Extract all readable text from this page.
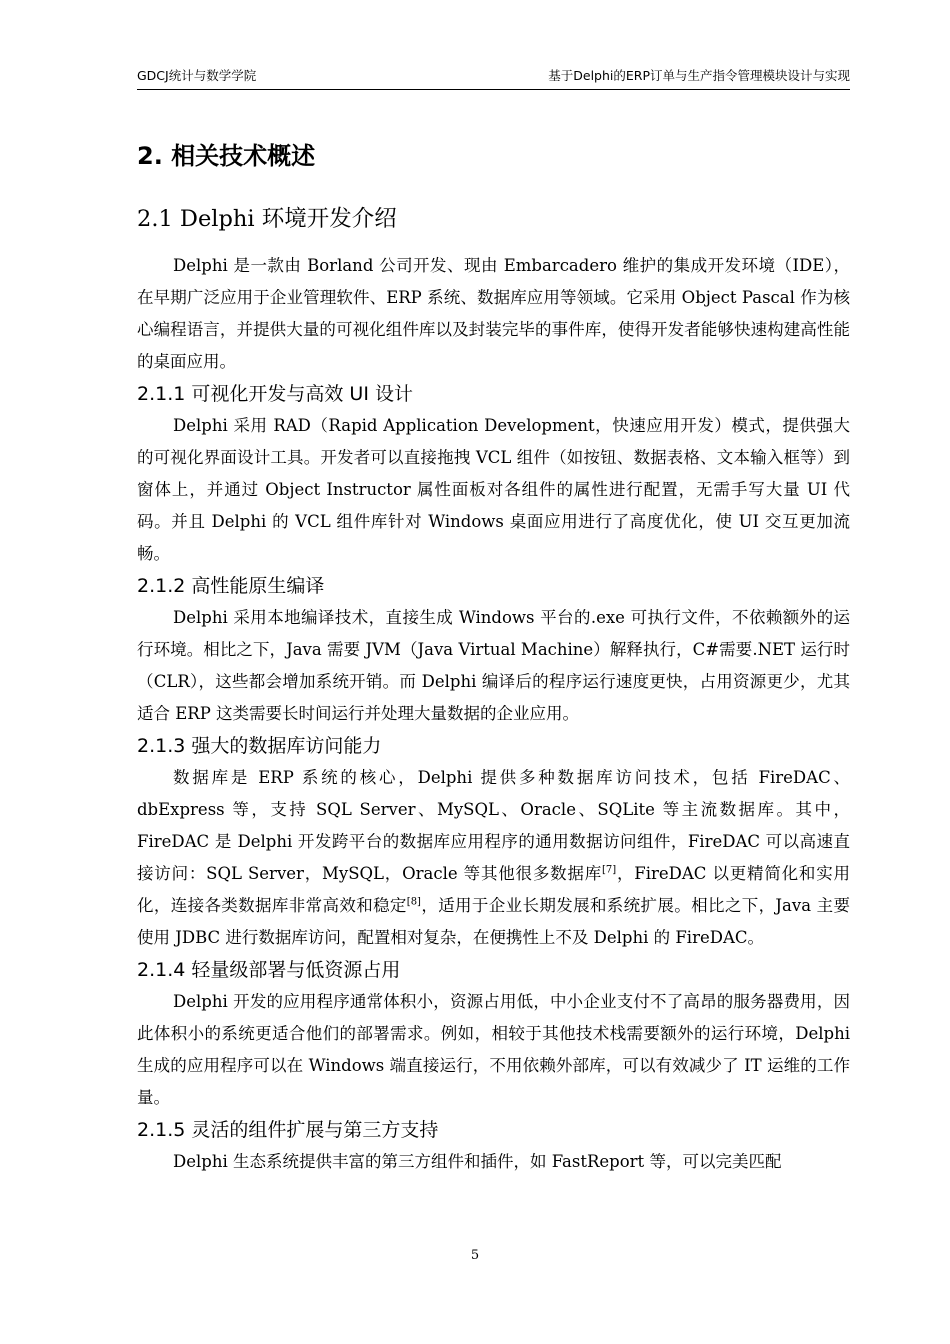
GDCJ统计与数学学院	基于Delphi的ERP订单与生产指令管理模块设计与实现
2. 相关技术概述
2.1 Delphi 环境开发介绍

Delphi 是一款由 Borland 公司开发、现由 Embarcadero 维护的集成开发环境（IDE），在早期广泛应用于企业管理软件、ERP 系统、数据库应用等领域。它采用 Object Pascal 作为核心编程语言，并提供大量的可视化组件库以及封装完毕的事件库，使得开发者能够快速构建高性能的桌面应用。

2.1.1 可视化开发与高效 UI 设计

Delphi 采用 RAD（Rapid Application Development，快速应用开发）模式，提供强大的可视化界面设计工具。开发者可以直接拖拽 VCL 组件（如按钮、数据表格、文本输入框等）到窗体上，并通过 Object Instructor 属性面板对各组件的属性进行配置，无需手写大量 UI 代码。并且 Delphi 的 VCL 组件库针对 Windows 桌面应用进行了高度优化，使 UI 交互更加流畅。

2.1.2 高性能原生编译

Delphi 采用本地编译技术，直接生成 Windows 平台的.exe 可执行文件，不依赖额外的运行环境。相比之下，Java 需要 JVM（Java Virtual Machine）解释执行，C#需要.NET 运行时（CLR），这些都会增加系统开销。而 Delphi 编译后的程序运行速度更快，占用资源更少，尤其适合 ERP 这类需要长时间运行并处理大量数据的企业应用。

2.1.3 强大的数据库访问能力

数据库是 ERP 系统的核心，Delphi 提供多种数据库访问技术，包括 FireDAC、dbExpress 等，支持 SQL Server、MySQL、Oracle、SQLite 等主流数据库。其中，FireDAC 是 Delphi 开发跨平台的数据库应用程序的通用数据访问组件，FireDAC 可以高速直接访问：SQL Server，MySQL，Oracle 等其他很多数据库[7]，FireDAC 以更精简化和实用化，连接各类数据库非常高效和稳定[8]，适用于企业长期发展和系统扩展。相比之下，Java 主要使用 JDBC 进行数据库访问，配置相对复杂，在便携性上不及 Delphi 的 FireDAC。

2.1.4 轻量级部署与低资源占用

Delphi 开发的应用程序通常体积小，资源占用低，中小企业支付不了高昂的服务器费用，因此体积小的系统更适合他们的部署需求。例如，相较于其他技术栈需要额外的运行环境，Delphi 生成的应用程序可以在 Windows 端直接运行，不用依赖外部库，可以有效减少了 IT 运维的工作量。

2.1.5 灵活的组件扩展与第三方支持

Delphi 生态系统提供丰富的第三方组件和插件，如 FastReport 等，可以完美匹配

5
